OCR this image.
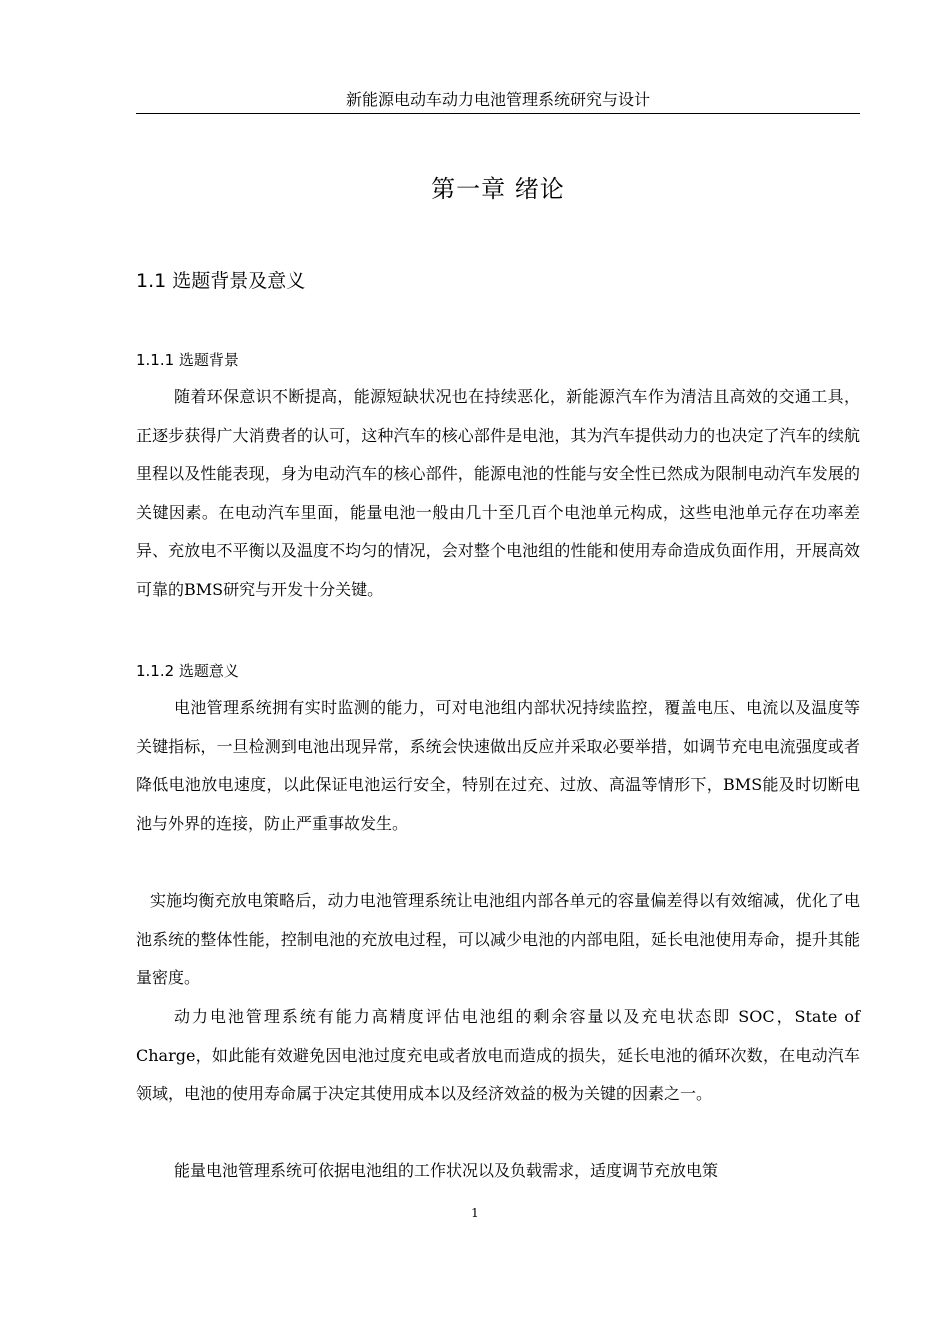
新能源电动车动力电池管理系统研究与设计
第一章 绪论
1.1 选题背景及意义
1.1.1 选题背景

随着环保意识不断提高，能源短缺状况也在持续恶化，新能源汽车作为清洁且高效的交通工具，正逐步获得广大消费者的认可，这种汽车的核心部件是电池，其为汽车提供动力的也决定了汽车的续航里程以及性能表现，身为电动汽车的核心部件，能源电池的性能与安全性已然成为限制电动汽车发展的关键因素。在电动汽车里面，能量电池一般由几十至几百个电池单元构成，这些电池单元存在功率差异、充放电不平衡以及温度不均匀的情况，会对整个电池组的性能和使用寿命造成负面作用，开展高效可靠的BMS研究与开发十分关键。

1.1.2 选题意义

电池管理系统拥有实时监测的能力，可对电池组内部状况持续监控，覆盖电压、电流以及温度等关键指标，一旦检测到电池出现异常，系统会快速做出反应并采取必要举措，如调节充电电流强度或者降低电池放电速度，以此保证电池运行安全，特别在过充、过放、高温等情形下，BMS能及时切断电池与外界的连接，防止严重事故发生。

实施均衡充放电策略后，动力电池管理系统让电池组内部各单元的容量偏差得以有效缩减，优化了电池系统的整体性能，控制电池的充放电过程，可以减少电池的内部电阻，延长电池使用寿命，提升其能量密度。

动力电池管理系统有能力高精度评估电池组的剩余容量以及充电状态即 SOC，State of Charge，如此能有效避免因电池过度充电或者放电而造成的损失，延长电池的循环次数，在电动汽车领域，电池的使用寿命属于决定其使用成本以及经济效益的极为关键的因素之一。

能量电池管理系统可依据电池组的工作状况以及负载需求，适度调节充放电策

1
